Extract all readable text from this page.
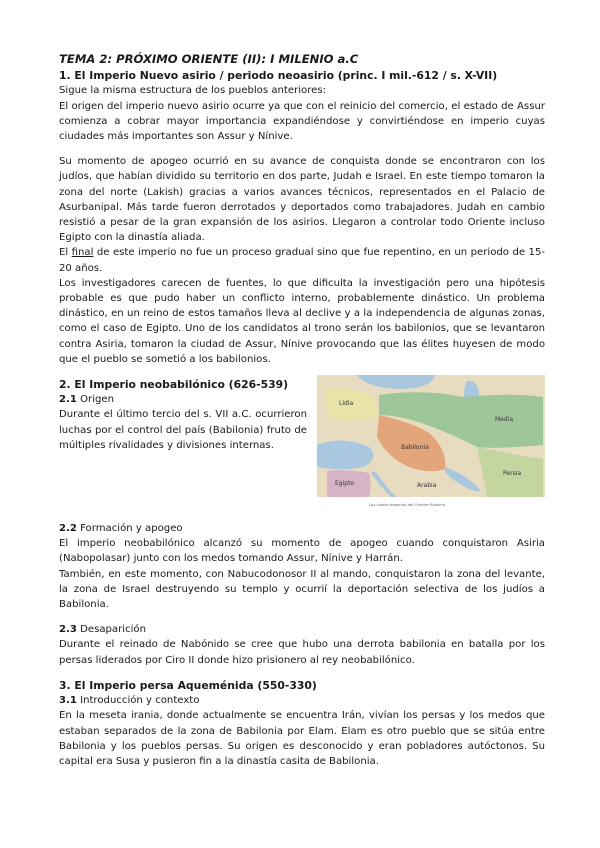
TEMA 2: PRÓXIMO ORIENTE (II): I MILENIO a.C
1. El Imperio Nuevo asirio / periodo neoasirio (princ. I mil.-612 / s. X-VII)

Sigue la misma estructura de los pueblos anteriores:

El origen del imperio nuevo asirio ocurre ya que con el reinicio del comercio, el estado de Assur comienza a cobrar mayor importancia expandiéndose y convirtiéndose en imperio cuyas ciudades más importantes son Assur y Nínive.

Su momento de apogeo ocurrió en su avance de conquista donde se encontraron con los judíos, que habían dividido su territorio en dos parte, Judah e Israel. En este tiempo tomaron la zona del norte (Lakish) gracias a varios avances técnicos, representados en el Palacio de Asurbanipal. Más tarde fueron derrotados y deportados como trabajadores. Judah en cambio resistió a pesar de la gran expansión de los asirios. Llegaron a controlar todo Oriente incluso Egipto con la dinastía aliada.

El final de este imperio no fue un proceso gradual sino que fue repentino, en un periodo de 15-20 años.

Los investigadores carecen de fuentes, lo que dificulta la investigación pero una hipótesis probable es que pudo haber un conflicto interno, probablemente dinástico. Un problema dinástico, en un reino de estos tamaños lleva al declive y a la independencia de algunas zonas, como el caso de Egipto. Uno de los candidatos al trono serán los babilonios, que se levantaron contra Asiria, tomaron la ciudad de Assur, Nínive provocando que las élites huyesen de modo que el pueblo se sometió a los babilonios.

2. El Imperio neobabilónico (626-539)
2.1 Origen

Durante el último tercio del s. VII a.C. ocurrieron luchas por el control del país (Babilonia) fruto de múltiples rivalidades y divisiones internas.

Lidia
Media
Egipto	Arabia
Persia
Babilonia
Los cuatro imperios del Oriente Próximo
2.2 Formación y apogeo

El imperio neobabilónico alcanzó su momento de apogeo cuando conquistaron Asiria (Nabopolasar) junto con los medos tomando Assur, Nínive y Harrán.

También, en este momento, con Nabucodonosor II al mando, conquistaron la zona del levante, la zona de Israel destruyendo su templo y ocurrií la deportación selectiva de los judíos a Babilonia.

2.3 Desaparición

Durante el reinado de Nabónido se cree que hubo una derrota babilonia en batalla por los persas liderados por Ciro II donde hizo prisionero al rey neobabilónico.

3. El Imperio persa Aqueménida (550-330)
3.1 Introducción y contexto

En la meseta irania, donde actualmente se encuentra Irán, vivían los persas y los medos que estaban separados de la zona de Babilonia por Elam. Elam es otro pueblo que se sitúa entre Babilonia y los pueblos persas. Su origen es desconocido y eran pobladores autóctonos. Su capital era Susa y pusieron fin a la dinastía casita de Babilonia.
